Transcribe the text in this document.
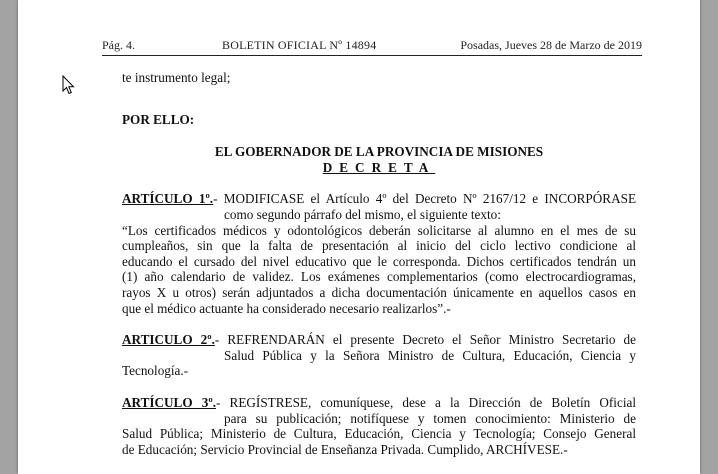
Pág. 4.	BOLETIN OFICIAL Nº 14894	Posadas, Jueves 28 de Marzo de 2019

te instrumento legal;

POR ELLO:

EL GOBERNADOR DE LA PROVINCIA DE MISIONES

DECRETA

ARTÍCULO 1º.- MODIFICASE el Artículo 4º del Decreto Nº 2167/12 e INCORPÓRASE

como segundo párrafo del mismo, el siguiente texto:

“Los certificados médicos y odontológicos deberán solicitarse al alumno en el mes de su

cumpleaños, sin que la falta de presentación al inicio del ciclo lectivo condicione al

educando el cursado del nivel educativo que le corresponda. Dichos certificados tendrán un

(1) año calendario de validez. Los exámenes complementarios (como electrocardiogramas,

rayos X u otros) serán adjuntados a dicha documentación únicamente en aquellos casos en

que el médico actuante ha considerado necesario realizarlos”.-

ARTICULO 2º.- REFRENDARÁN el presente Decreto el Señor Ministro Secretario de

Salud Pública y la Señora Ministro de Cultura, Educación, Ciencia y

Tecnología.-

ARTÍCULO 3º.- REGÍSTRESE, comuníquese, dese a la Dirección de Boletín Oficial

para su publicación; notifíquese y tomen conocimiento: Ministerio de

Salud Pública; Ministerio de Cultura, Educación, Ciencia y Tecnología; Consejo General

de Educación; Servicio Provincial de Enseñanza Privada. Cumplido, ARCHÍVESE.-
